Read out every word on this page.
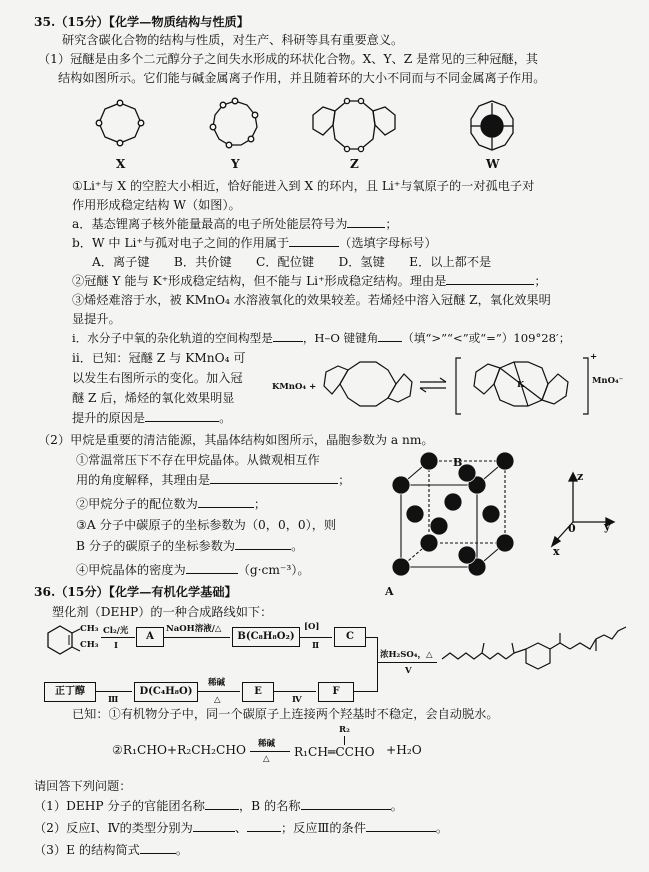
35.（15分）【化学—物质结构与性质】
研究含碳化合物的结构与性质，对生产、科研等具有重要意义。
（1）冠醚是由多个二元醇分子之间失水形成的环状化合物。X、Y、Z 是常见的三种冠醚，其
结构如图所示。它们能与碱金属离子作用，并且随着环的大小不同而与不同金属离子作用。
X	Y	Z	W
①Li⁺与 X 的空腔大小相近，恰好能进入到 X 的环内，且 Li⁺与氧原子的一对孤电子对
作用形成稳定结构 W（如图）。
a．基态锂离子核外能量最高的电子所处能层符号为	；
b．W 中 Li⁺与孤对电子之间的作用属于	（选填字母标号）
A．离子键　　B．共价键　　C．配位键　　D．氢键　　E．以上都不是
②冠醚 Y 能与 K⁺形成稳定结构，但不能与 Li⁺形成稳定结构。理由是	；
③烯烃难溶于水，被 KMnO₄ 水溶液氧化的效果较差。若烯烃中溶入冠醚 Z，氧化效果明
显提升。
i．水分子中氧的杂化轨道的空间构型是	，H–O 键键角 （填“>”“<”或“=”）109°28′；
ii．已知：冠醚 Z 与 KMnO₄ 可
以发生右图所示的变化。加入冠
醚 Z 后，烯烃的氧化效果明显
提升的原因是	。
KMnO₄ +	K
+
MnO₄⁻
（2）甲烷是重要的清洁能源，其晶体结构如图所示，晶胞参数为 a nm。
①常温常压下不存在甲烷晶体。从微观相互作
用的角度解释，其理由是	；
②甲烷分子的配位数为	；
③A 分子中碳原子的坐标参数为（0，0，0），则
B 分子的碳原子的坐标参数为	。
④甲烷晶体的密度为	（g·cm⁻³）。
A
B
z
y
x
0
36.（15分）【化学—有机化学基础】
塑化剂（DEHP）的一种合成路线如下：
CH₃
CH₃
Cl₂/光
Ⅰ
A
NaOH溶液/△
B(C₈H₈O₂)
[O]
Ⅱ
C
浓H₂SO₄，△
Ⅴ
正丁醇
Ⅲ
D(C₄H₈O)
稀碱
△
E
Ⅳ
F
已知：①有机物分子中，同一个碳原子上连接两个羟基时不稳定，会自动脱水。
②R₁CHO+R₂CH₂CHO 稀碱
△
R₂
R₁CH═CCHO +H₂O
请回答下列问题：
（1）DEHP 分子的官能团名称	，B 的名称	。
（2）反应Ⅰ、Ⅳ的类型分别为	、	；反应Ⅲ的条件	。
（3）E 的结构简式	。
